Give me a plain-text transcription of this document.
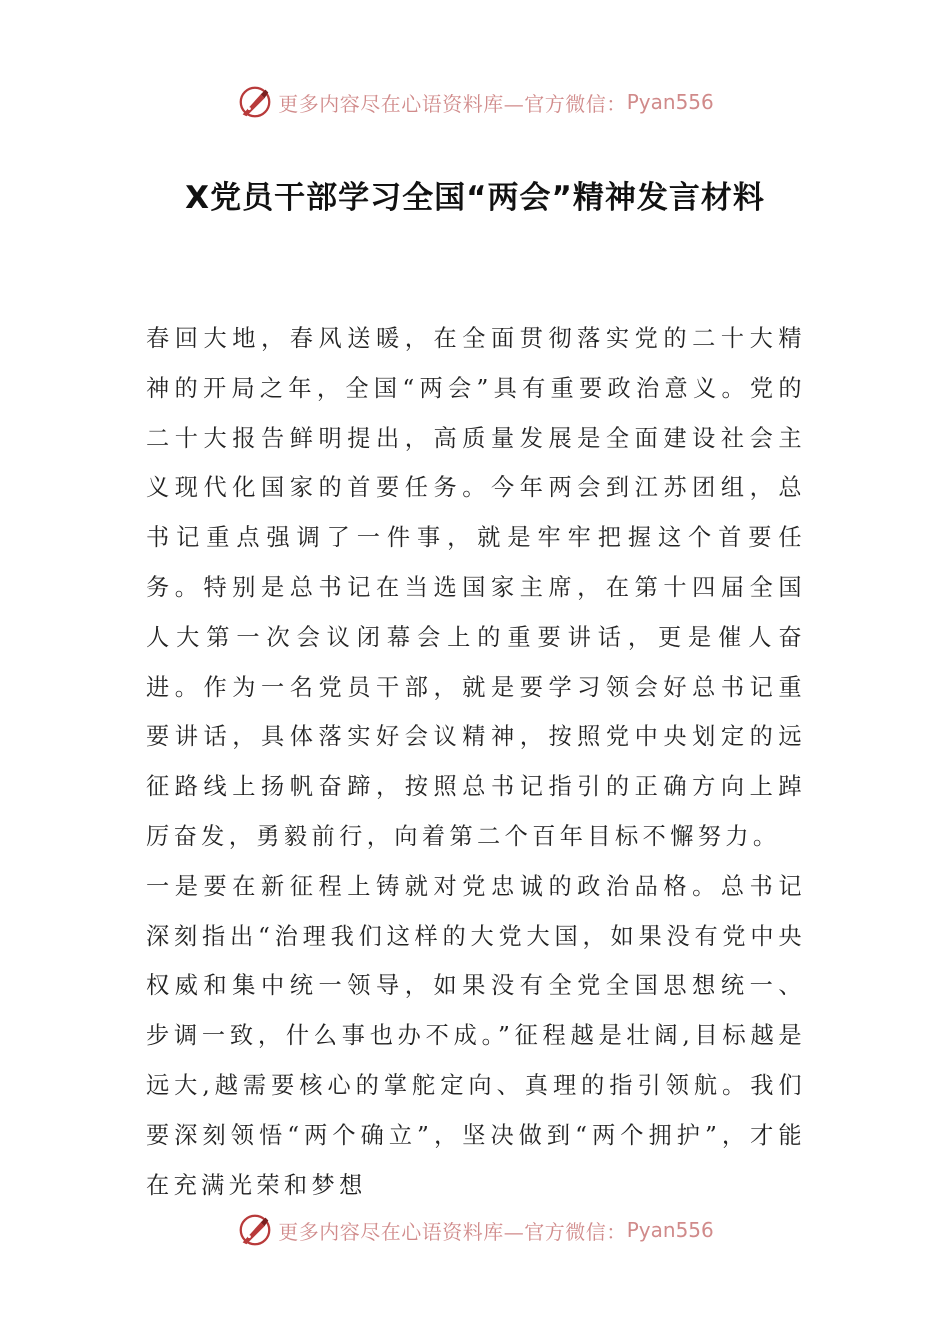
更多内容尽在心语资料库—官方微信： Pyan556
X党员干部学习全国“两会”精神发言材料

春回大地，春风送暖，在全面贯彻落实党的二十大精神的开局之年，全国“两会”具有重要政治意义。党的二十大报告鲜明提出，高质量发展是全面建设社会主义现代化国家的首要任务。今年两会到江苏团组，总书记重点强调了一件事，就是牢牢把握这个首要任务。特别是总书记在当选国家主席，在第十四届全国人大第一次会议闭幕会上的重要讲话，更是催人奋进。作为一名党员干部，就是要学习领会好总书记重要讲话，具体落实好会议精神，按照党中央划定的远征路线上扬帆奋蹄，按照总书记指引的正确方向上踔厉奋发，勇毅前行，向着第二个百年目标不懈努力。

一是要在新征程上铸就对党忠诚的政治品格。总书记深刻指出“治理我们这样的大党大国，如果没有党中央权威和集中统一领导，如果没有全党全国思想统一、步调一致，什么事也办不成。”征程越是壮阔,目标越是远大,越需要核心的掌舵定向、真理的指引领航。我们要深刻领悟“两个确立”，坚决做到“两个拥护”，才能在充满光荣和梦想

更多内容尽在心语资料库—官方微信： Pyan556
